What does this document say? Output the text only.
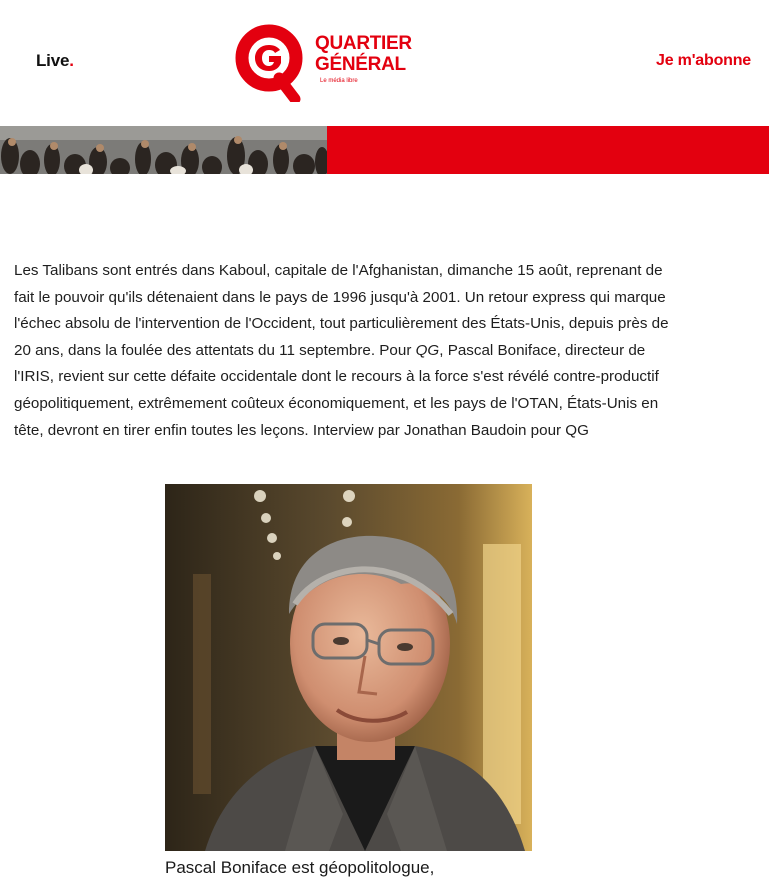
Live.
QUARTIER
GÉNÉRAL
Le média libre
Je m'abonne

Les Talibans sont entrés dans Kaboul, capitale de l'Afghanistan, dimanche 15 août, reprenant de fait le pouvoir qu'ils détenaient dans le pays de 1996 jusqu'à 2001. Un retour express qui marque l'échec absolu de l'intervention de l'Occident, tout particulièrement des États-Unis, depuis près de 20 ans, dans la foulée des attentats du 11 septembre. Pour QG, Pascal Boniface, directeur de l'IRIS, revient sur cette défaite occidentale dont le recours à la force s'est révélé contre-productif géopolitiquement, extrêmement coûteux économiquement, et les pays de l'OTAN, États-Unis en tête, devront en tirer enfin toutes les leçons. Interview par Jonathan Baudoin pour QG

Pascal Boniface est géopolitologue,
